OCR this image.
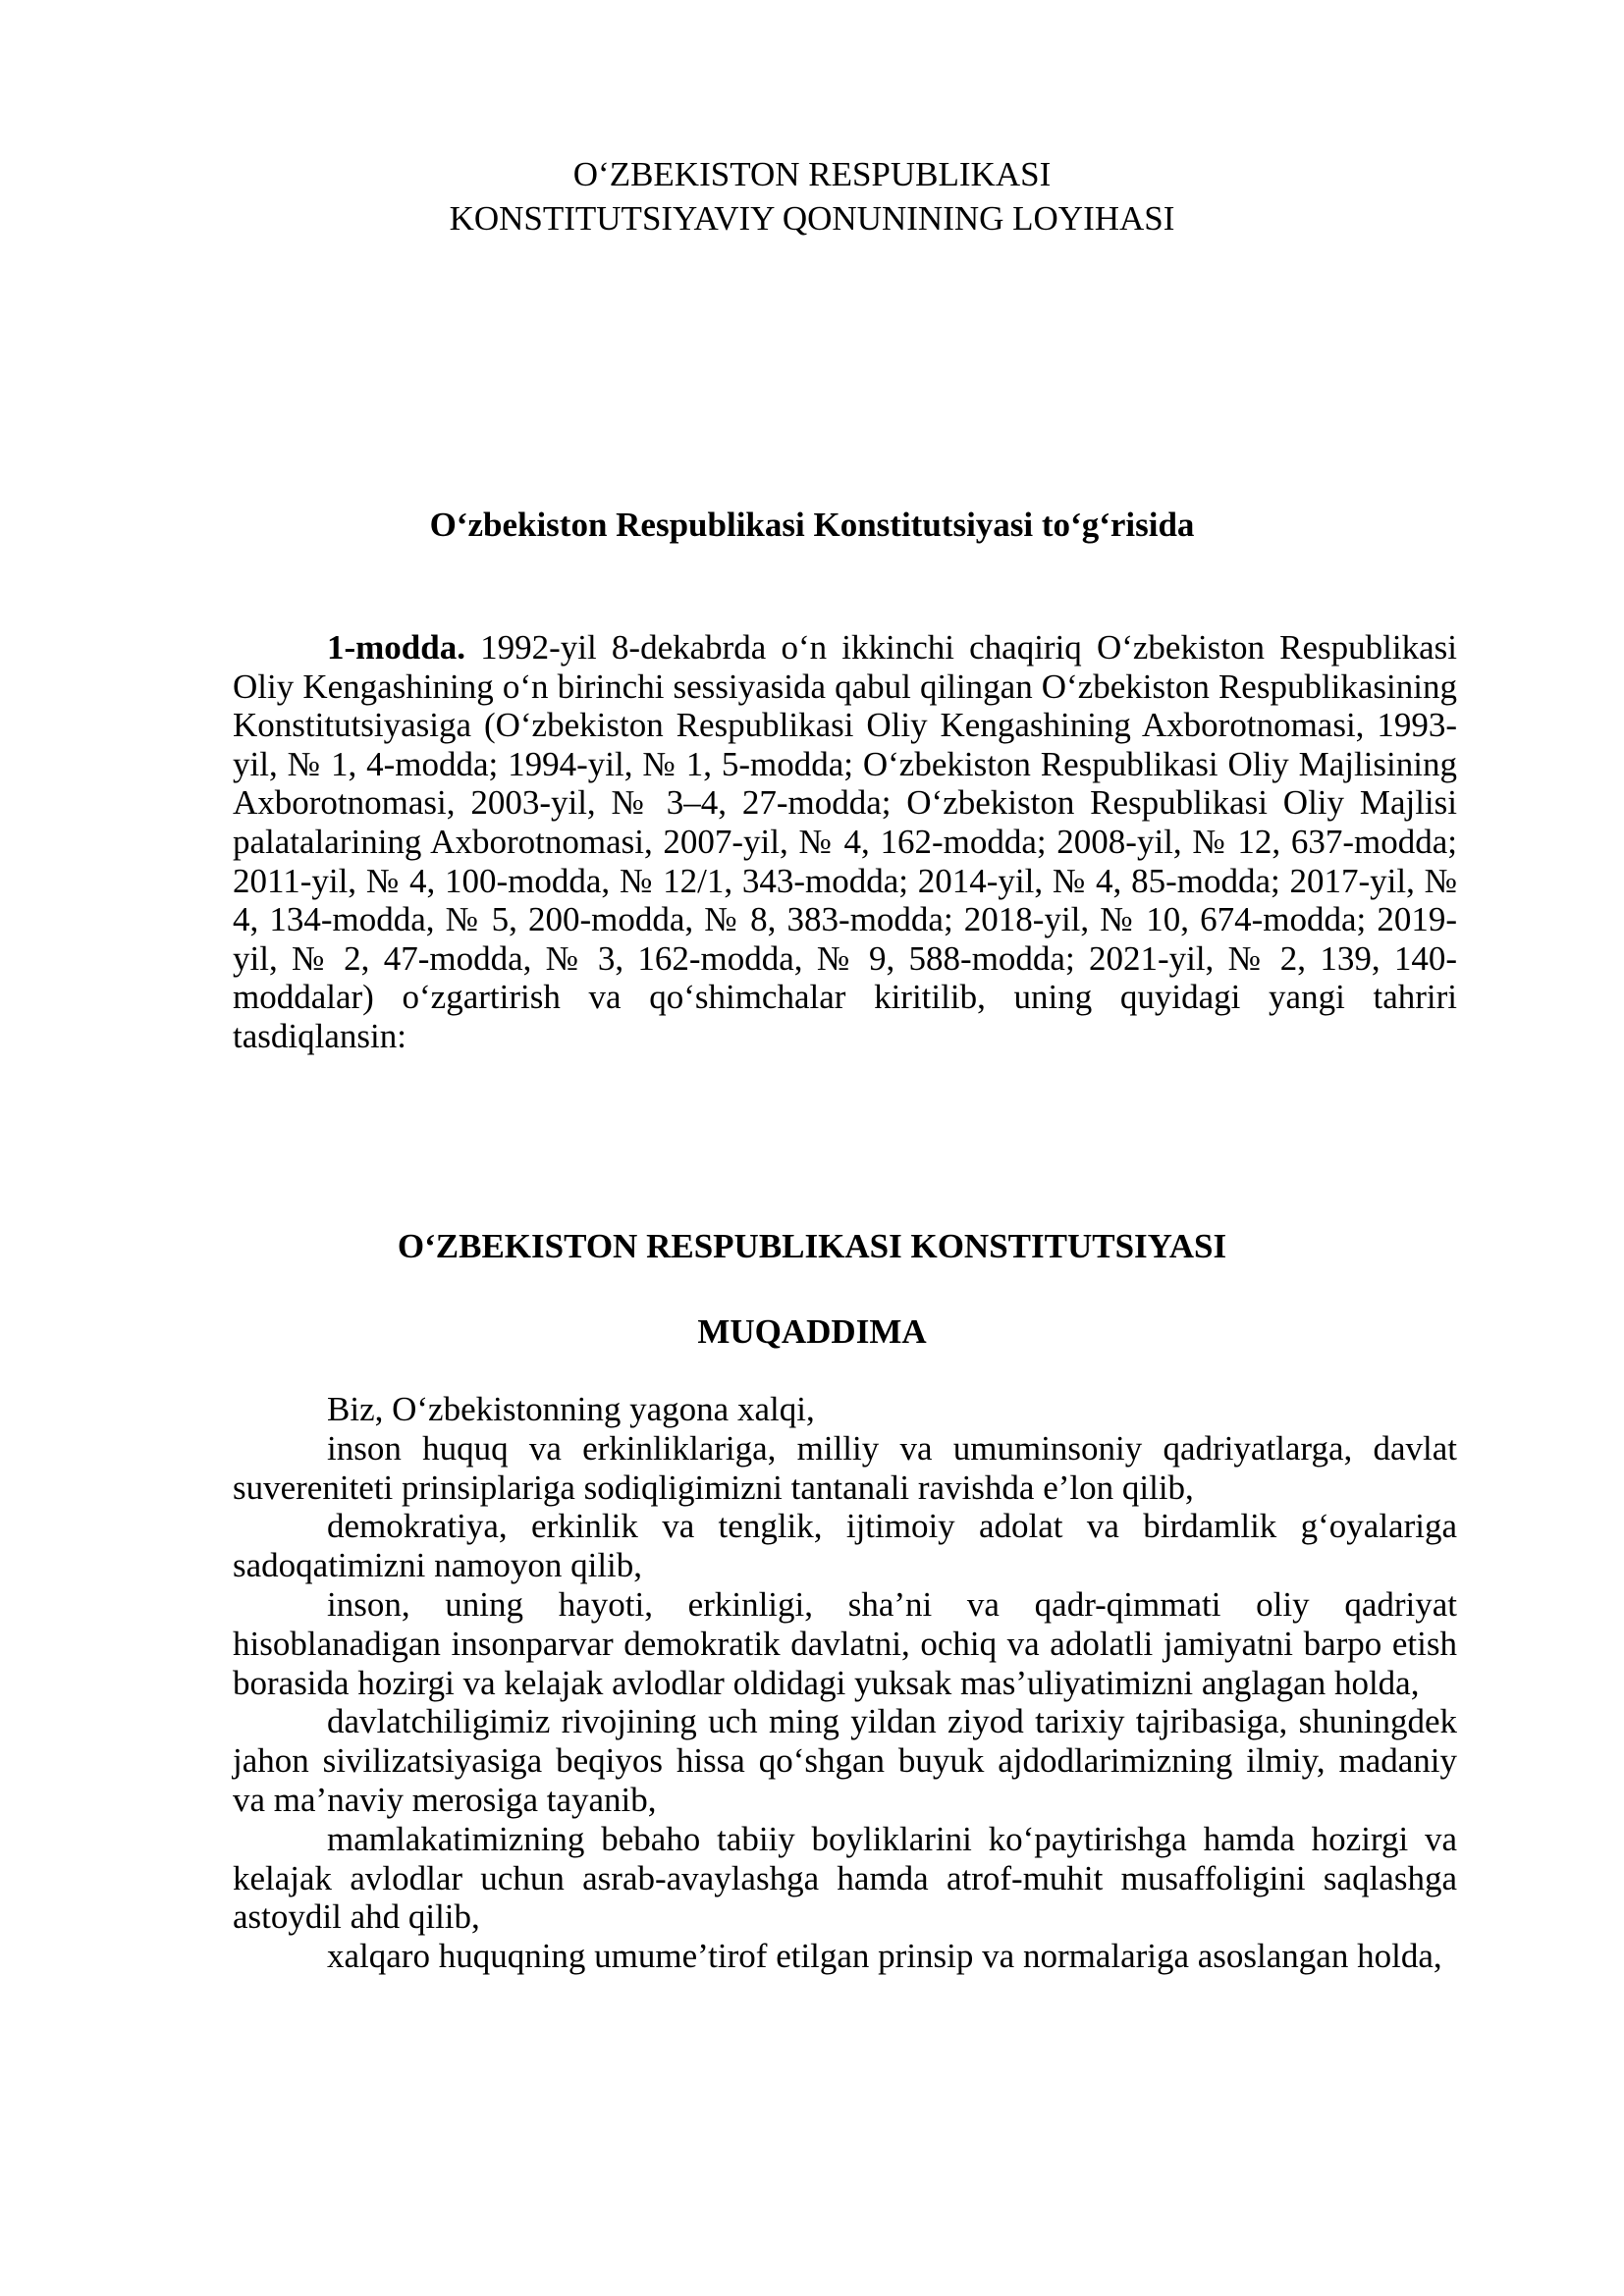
O‘ZBEKISTON RESPUBLIKASI
KONSTITUTSIYAVIY QONUNINING LOYIHASI
O‘zbekiston Respublikasi Konstitutsiyasi to‘g‘risida
1-modda. 1992-yil 8-dekabrda o‘n ikkinchi chaqiriq O‘zbekiston Respublikasi Oliy Kengashining o‘n birinchi sessiyasida qabul qilingan O‘zbekiston Respublikasining Konstitutsiyasiga (O‘zbekiston Respublikasi Oliy Kengashining Axborotnomasi, 1993-yil, № 1, 4-modda; 1994-yil, № 1, 5-modda; O‘zbekiston Respublikasi Oliy Majlisining Axborotnomasi, 2003-yil, № 3–4, 27-modda; O‘zbekiston Respublikasi Oliy Majlisi palatalarining Axborotnomasi, 2007-yil, № 4, 162-modda; 2008-yil, № 12, 637-modda; 2011-yil, № 4, 100-modda, № 12/1, 343-modda; 2014-yil, № 4, 85-modda; 2017-yil, № 4, 134-modda, № 5, 200-modda, № 8, 383-modda; 2018-yil, № 10, 674-modda; 2019-yil, № 2, 47-modda, № 3, 162-modda, № 9, 588-modda; 2021-yil, № 2, 139, 140-moddalar) o‘zgartirish va qo‘shimchalar kiritilib, uning quyidagi yangi tahriri tasdiqlansin:
O‘ZBEKISTON RESPUBLIKASI KONSTITUTSIYASI
MUQADDIMA

Biz, O‘zbekistonning yagona xalqi,

inson huquq va erkinliklariga, milliy va umuminsoniy qadriyatlarga, davlat suvereniteti prinsiplariga sodiqligimizni tantanali ravishda e’lon qilib,

demokratiya, erkinlik va tenglik, ijtimoiy adolat va birdamlik g‘oyalariga sadoqatimizni namoyon qilib,

inson, uning hayoti, erkinligi, sha’ni va qadr-qimmati oliy qadriyat hisoblanadigan insonparvar demokratik davlatni, ochiq va adolatli jamiyatni barpo etish borasida hozirgi va kelajak avlodlar oldidagi yuksak mas’uliyatimizni anglagan holda,

davlatchiligimiz rivojining uch ming yildan ziyod tarixiy tajribasiga, shuningdek jahon sivilizatsiyasiga beqiyos hissa qo‘shgan buyuk ajdodlarimizning ilmiy, madaniy va ma’naviy merosiga tayanib,

mamlakatimizning bebaho tabiiy boyliklarini ko‘paytirishga hamda hozirgi va kelajak avlodlar uchun asrab-avaylashga hamda atrof-muhit musaffoligini saqlashga astoydil ahd qilib,

xalqaro huquqning umume’tirof etilgan prinsip va normalariga asoslangan holda,
